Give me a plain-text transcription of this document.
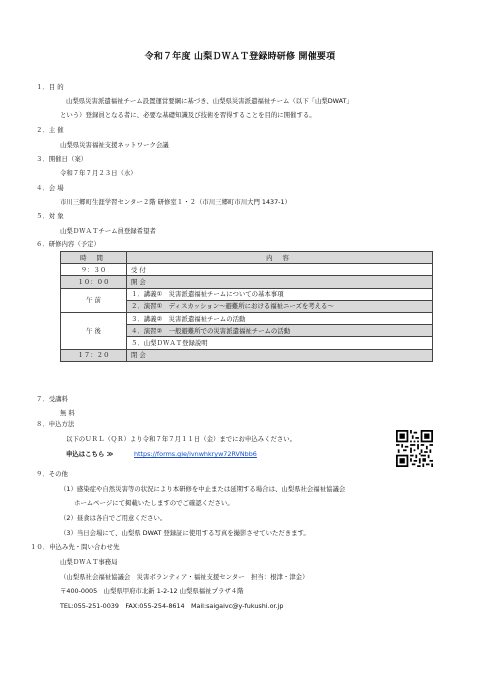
令和７年度 山梨ＤＷＡＴ登録時研修 開催要項
１．目 的
山梨県災害派遣福祉チーム設置運営要綱に基づき、山梨県災害派遣福祉チーム（以下「山梨DWAT」
という）登録員となる者に、必要な基礎知識及び技術を習得することを目的に開催する。
２．主 催
山梨県災害福祉支援ネットワーク会議
３．開催日（案）
令和７年７月２３日（水）
４．会 場
市川三郷町生涯学習センター２階 研修室１・２（市川三郷町市川大門 1437-1）
５．対 象
山梨ＤＷＡＴチーム員登録希望者
６．研修内容（予定）
時 間	内 容
９：３０	受 付
１０：００	開 会
午 前	１．講義①　災害派遣福祉チームについての基本事項
	２．演習①　ディスカッション～避難所における福祉ニーズを考える～
午 後	３．講義②　災害派遣福祉チームの活動
	４．演習②　一般避難所での災害派遣福祉チームの活動
	５．山梨ＤＷＡＴ登録説明
１７：２０	閉 会
７．受講料
無 料
８．申込方法
以下のＵＲＬ（ＱＲ）より令和７年７月１１日（金）までにお申込みください。
申込はこちら ≫	https://forms.gle/ivnwhkryw72RVNbb6
９．その他
（1）感染症や自然災害等の状況により本研修を中止または延期する場合は、山梨県社会福祉協議会
ホームページにて掲載いたしますのでご確認ください。
（2）昼食は各自でご用意ください。
（3）当日会場にて、山梨県 DWAT 登録証に使用する写真を撮影させていただきます。
１０．申込み先・問い合わせ先
山梨ＤＷＡＴ事務局
（山梨県社会福祉協議会　災害ボランティア・福祉支援センター　担当：根津・津金）
〒400-0005　山梨県甲府市北新 1-2-12 山梨県福祉プラザ４階
TEL:055-251-0039　FAX:055-254-8614　Mail:saigaivc@y-fukushi.or.jp
